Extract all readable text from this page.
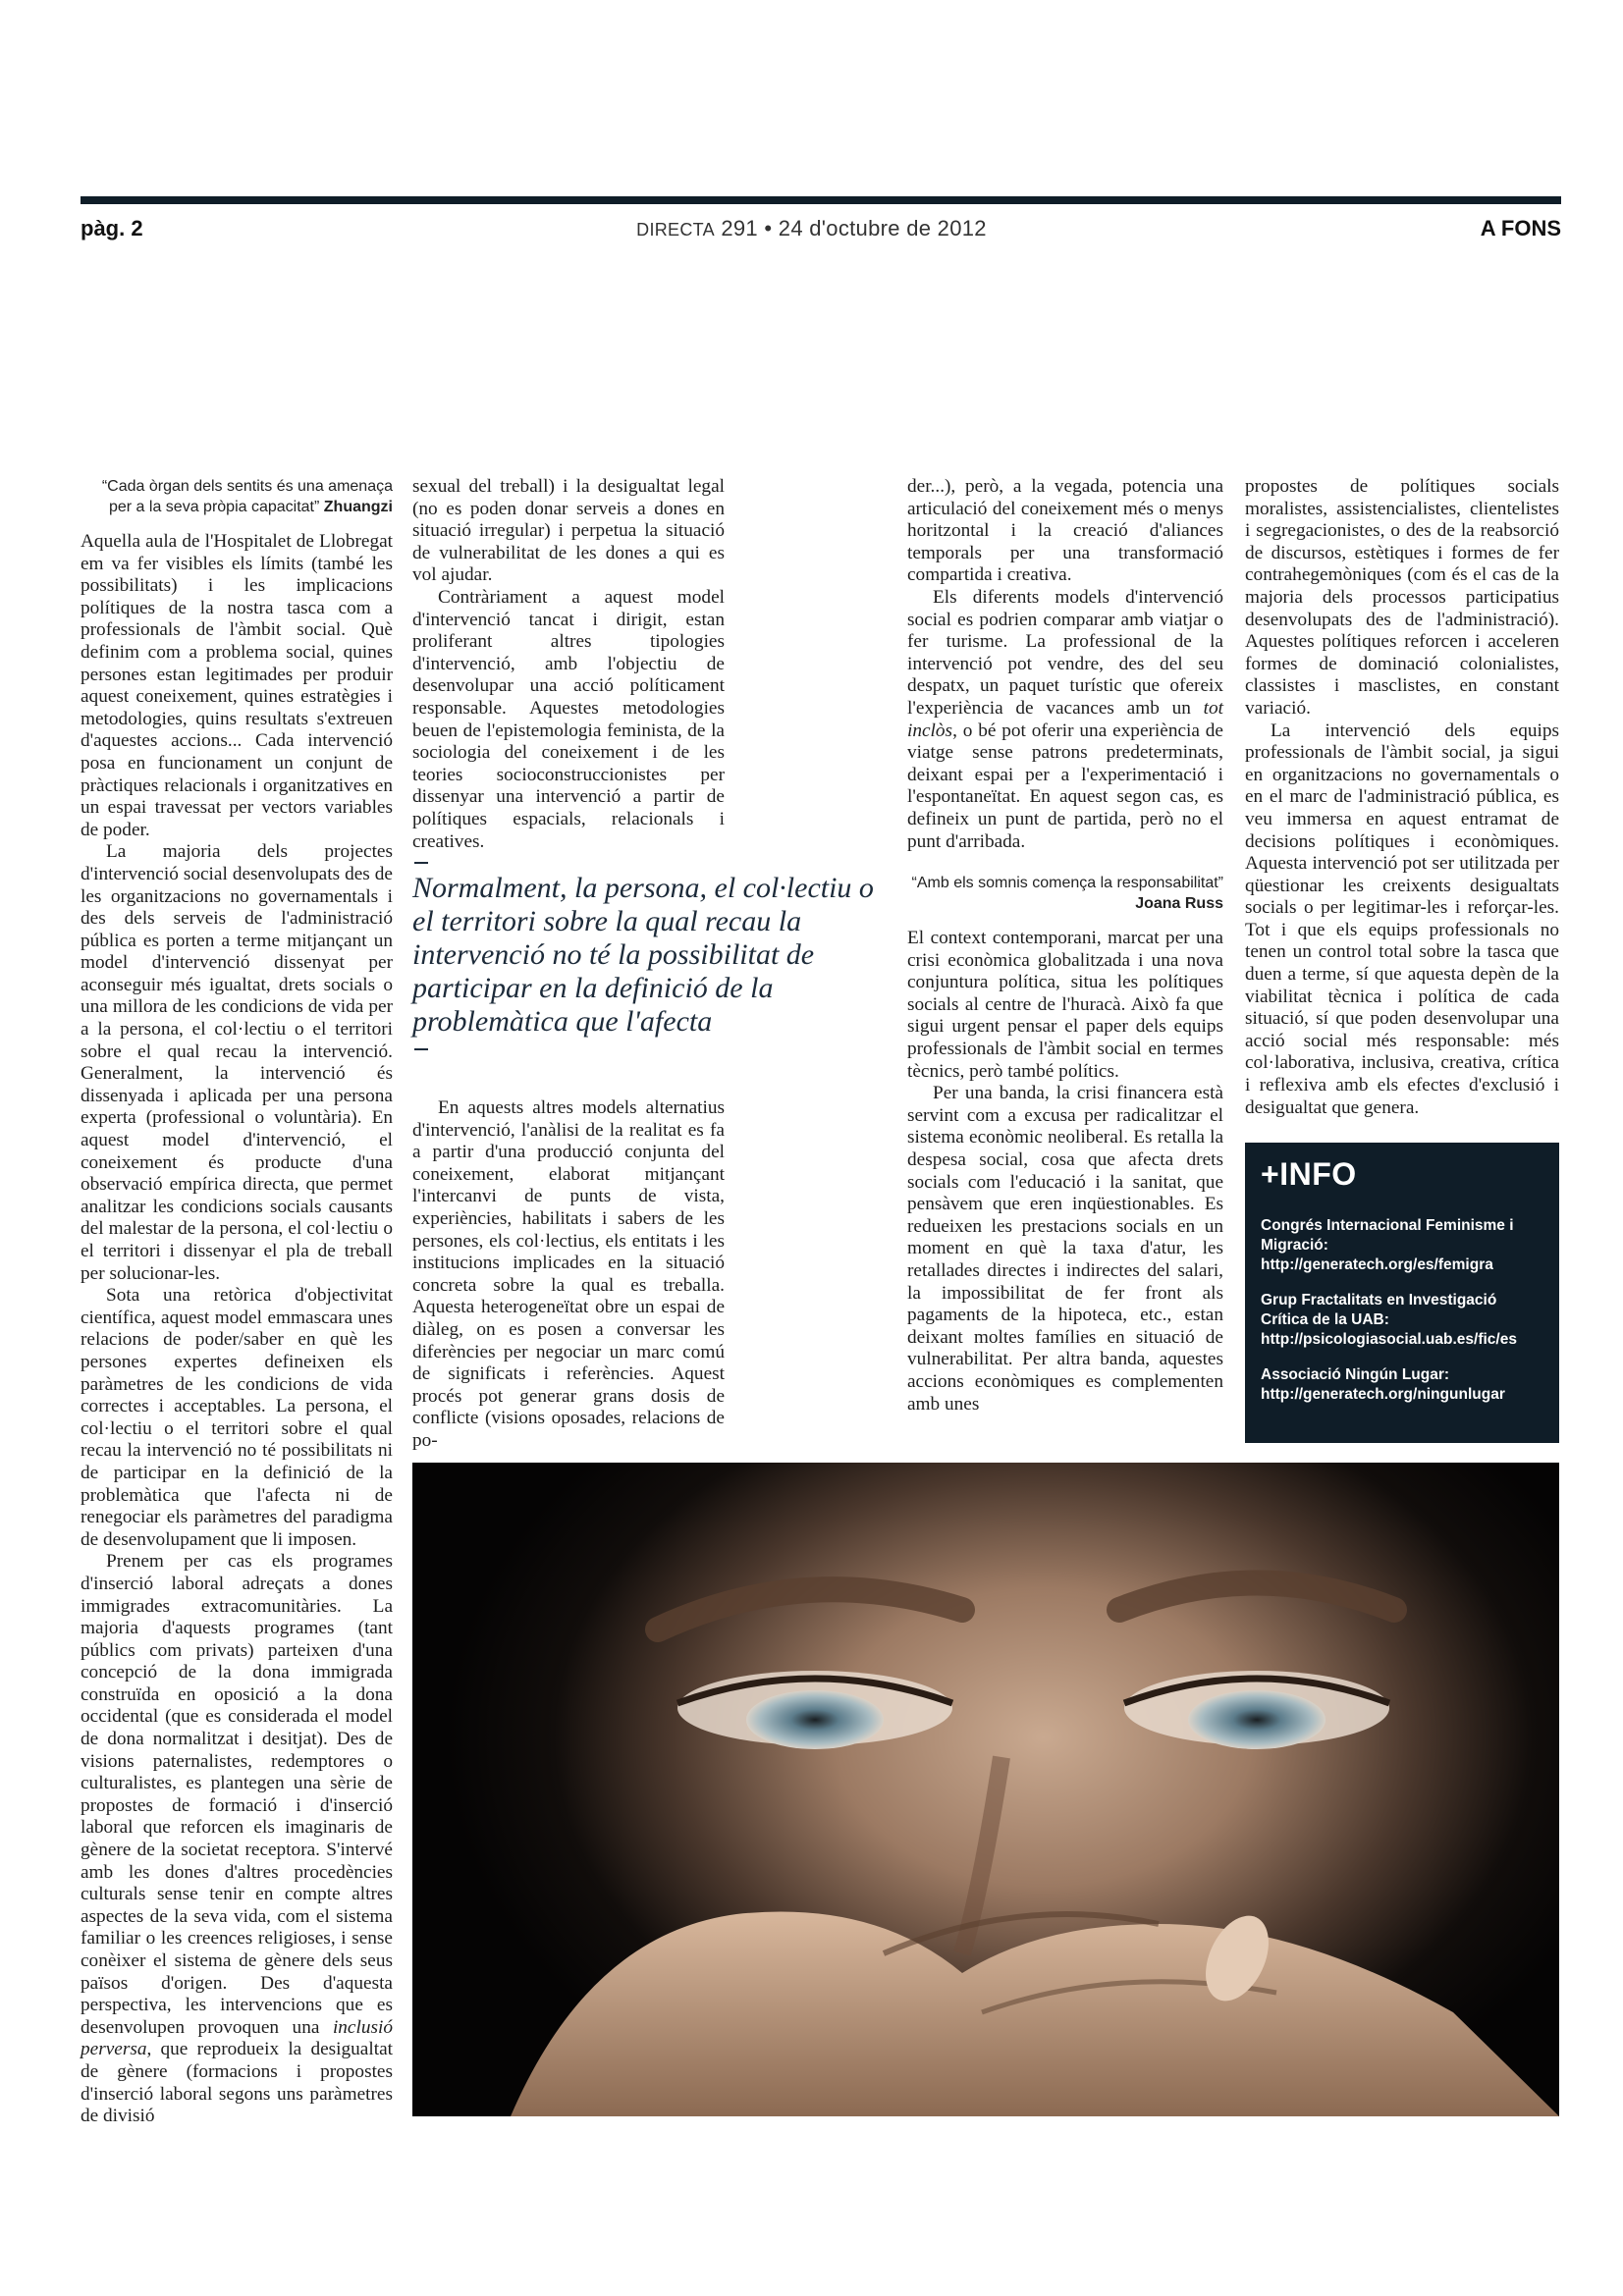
pàg. 2	DIRECTA 291 • 24 d'octubre de 2012	A FONS
“Cada òrgan dels sentits és una amenaça per a la seva pròpia capacitat” Zhuangzi

Aquella aula de l'Hospitalet de Llobregat em va fer visibles els límits (també les possibilitats) i les implicacions polítiques de la nostra tasca com a professionals de l'àmbit social. Què definim com a problema social, quines persones estan legitimades per produir aquest coneixement, quines estratègies i metodologies, quins resultats s'extreuen d'aquestes accions... Cada intervenció posa en funcionament un conjunt de pràctiques relacionals i organitzatives en un espai travessat per vectors variables de poder.

La majoria dels projectes d'intervenció social desenvolupats des de les organitzacions no governamentals i des dels serveis de l'administració pública es porten a terme mitjançant un model d'intervenció dissenyat per aconseguir més igualtat, drets socials o una millora de les condicions de vida per a la persona, el col·lectiu o el territori sobre el qual recau la intervenció. Generalment, la intervenció és dissenyada i aplicada per una persona experta (professional o voluntària). En aquest model d'intervenció, el coneixement és producte d'una observació empírica directa, que permet analitzar les condicions socials causants del malestar de la persona, el col·lectiu o el territori i dissenyar el pla de treball per solucionar-les.

Sota una retòrica d'objectivitat científica, aquest model emmascara unes relacions de poder/saber en què les persones expertes defineixen els paràmetres de les condicions de vida correctes i acceptables. La persona, el col·lectiu o el territori sobre el qual recau la intervenció no té possibilitats ni de participar en la definició de la problemàtica que l'afecta ni de renegociar els paràmetres del paradigma de desenvolupament que li imposen.

Prenem per cas els programes d'inserció laboral adreçats a dones immigrades extracomunitàries. La majoria d'aquests programes (tant públics com privats) parteixen d'una concepció de la dona immigrada construïda en oposició a la dona occidental (que es considerada el model de dona normalitzat i desitjat). Des de visions paternalistes, redemptores o culturalistes, es plantegen una sèrie de propostes de formació i d'inserció laboral que reforcen els imaginaris de gènere de la societat receptora. S'intervé amb les dones d'altres procedències culturals sense tenir en compte altres aspectes de la seva vida, com el sistema familiar o les creences religioses, i sense conèixer el sistema de gènere dels seus països d'origen. Des d'aquesta perspectiva, les intervencions que es desenvolupen provoquen una inclusió perversa, que reprodueix la desigualtat de gènere (formacions i propostes d'inserció laboral segons uns paràmetres de divisió

sexual del treball) i la desigualtat legal (no es poden donar serveis a dones en situació irregular) i perpetua la situació de vulnerabilitat de les dones a qui es vol ajudar.

Contràriament a aquest model d'intervenció tancat i dirigit, estan proliferant altres tipologies d'intervenció, amb l'objectiu de desenvolupar una acció políticament responsable. Aquestes metodologies beuen de l'epistemologia feminista, de la sociologia del coneixement i de les teories socioconstruccionistes per dissenyar una intervenció a partir de polítiques espacials, relacionals i creatives.

Normalment, la persona, el col·lectiu o el territori sobre la qual recau la intervenció no té la possibilitat de participar en la definició de la problemàtica que l'afecta

En aquests altres models alternatius d'intervenció, l'anàlisi de la realitat es fa a partir d'una producció conjunta del coneixement, elaborat mitjançant l'intercanvi de punts de vista, experiències, habilitats i sabers de les persones, els col·lectius, els entitats i les institucions implicades en la situació concreta sobre la qual es treballa. Aquesta heterogeneïtat obre un espai de diàleg, on es posen a conversar les diferències per negociar un marc comú de significats i referències. Aquest procés pot generar grans dosis de conflicte (visions oposades, relacions de po-

der...), però, a la vegada, potencia una articulació del coneixement més o menys horitzontal i la creació d'aliances temporals per una transformació compartida i creativa.

Els diferents models d'intervenció social es podrien comparar amb viatjar o fer turisme. La professional de la intervenció pot vendre, des del seu despatx, un paquet turístic que ofereix l'experiència de vacances amb un tot inclòs, o bé pot oferir una experiència de viatge sense patrons predeterminats, deixant espai per a l'experimentació i l'espontaneïtat. En aquest segon cas, es defineix un punt de partida, però no el punt d'arribada.

“Amb els somnis comença la responsabilitat” Joana Russ

El context contemporani, marcat per una crisi econòmica globalitzada i una nova conjuntura política, situa les polítiques socials al centre de l'huracà. Això fa que sigui urgent pensar el paper dels equips professionals de l'àmbit social en termes tècnics, però també polítics.

Per una banda, la crisi financera està servint com a excusa per radicalitzar el sistema econòmic neoliberal. Es retalla la despesa social, cosa que afecta drets socials com l'educació i la sanitat, que pensàvem que eren inqüestionables. Es redueixen les prestacions socials en un moment en què la taxa d'atur, les retallades directes i indirectes del salari, la impossibilitat de fer front als pagaments de la hipoteca, etc., estan deixant moltes famílies en situació de vulnerabilitat. Per altra banda, aquestes accions econòmiques es complementen amb unes

propostes de polítiques socials moralistes, assistencialistes, clientelistes i segregacionistes, o des de la reabsorció de discursos, estètiques i formes de fer contrahegemòniques (com és el cas de la majoria dels processos participatius desenvolupats des de l'administració). Aquestes polítiques reforcen i acceleren formes de dominació colonialistes, classistes i masclistes, en constant variació.

La intervenció dels equips professionals de l'àmbit social, ja sigui en organitzacions no governamentals o en el marc de l'administració pública, es veu immersa en aquest entramat de decisions polítiques i econòmiques. Aquesta intervenció pot ser utilitzada per qüestionar les creixents desigualtats socials o per legitimar-les i reforçar-les. Tot i que els equips professionals no tenen un control total sobre la tasca que duen a terme, sí que aquesta depèn de la viabilitat tècnica i política de cada situació, sí que poden desenvolupar una acció social més responsable: més col·laborativa, inclusiva, creativa, crítica i reflexiva amb els efectes d'exclusió i desigualtat que genera.

+INFO
Congrés Internacional Feminisme i Migració:
http://generatech.org/es/femigra
Grup Fractalitats en Investigació Crítica de la UAB:
http://psicologiasocial.uab.es/fic/es
Associació Ningún Lugar:
http://generatech.org/ningunlugar
